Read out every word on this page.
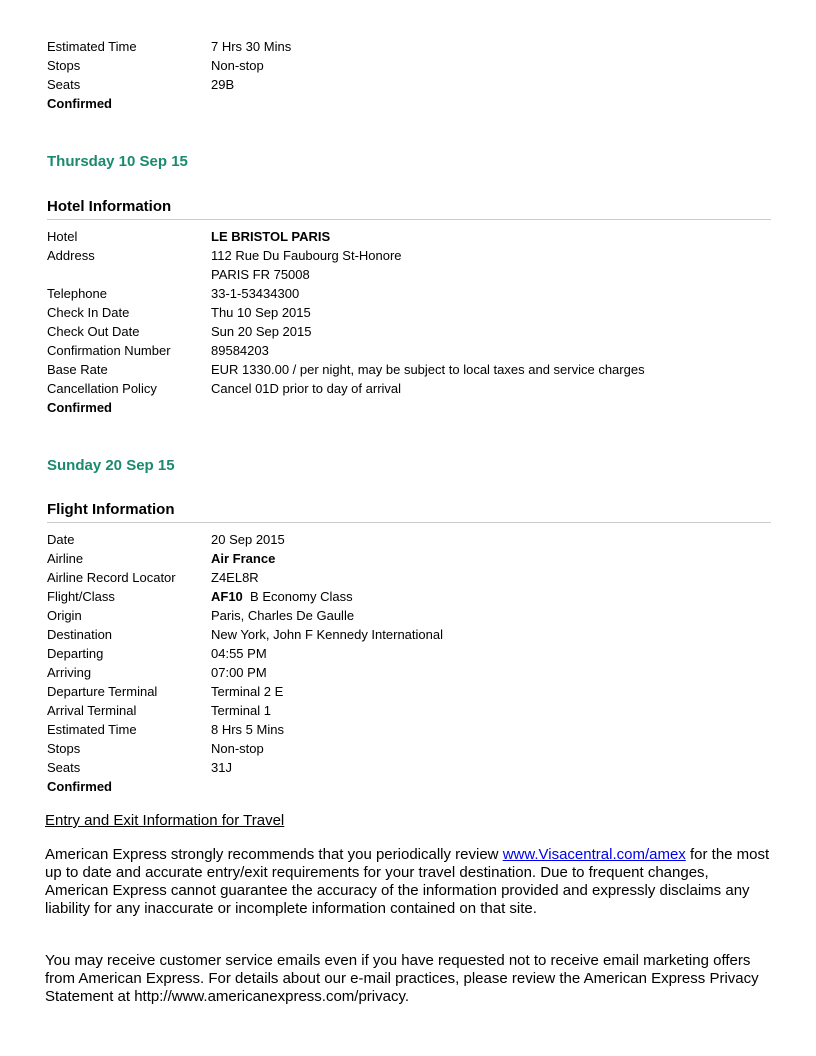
Estimated Time	7 Hrs 30 Mins
Stops	Non-stop
Seats	29B
Confirmed
Thursday 10 Sep 15
Hotel Information
Hotel	LE BRISTOL PARIS
Address	112 Rue Du Faubourg St-Honore
PARIS FR 75008
Telephone	33-1-53434300
Check In Date	Thu 10 Sep 2015
Check Out Date	Sun 20 Sep 2015
Confirmation Number	89584203
Base Rate	EUR 1330.00 / per night, may be subject to local taxes and service charges
Cancellation Policy	Cancel 01D prior to day of arrival
Confirmed
Sunday 20 Sep 15
Flight Information
Date	20 Sep 2015
Airline	Air France
Airline Record Locator	Z4EL8R
Flight/Class	AF10 B Economy Class
Origin	Paris, Charles De Gaulle
Destination	New York, John F Kennedy International
Departing	04:55 PM
Arriving	07:00 PM
Departure Terminal	Terminal 2 E
Arrival Terminal	Terminal 1
Estimated Time	8 Hrs 5 Mins
Stops	Non-stop
Seats	31J
Confirmed
Entry and Exit Information for Travel
American Express strongly recommends that you periodically review www.Visacentral.com/amex for the most up to date and accurate entry/exit requirements for your travel destination. Due to frequent changes, American Express cannot guarantee the accuracy of the information provided and expressly disclaims any liability for any inaccurate or incomplete information contained on that site.
You may receive customer service emails even if you have requested not to receive email marketing offers from American Express. For details about our e-mail practices, please review the American Express Privacy Statement at http://www.americanexpress.com/privacy.
